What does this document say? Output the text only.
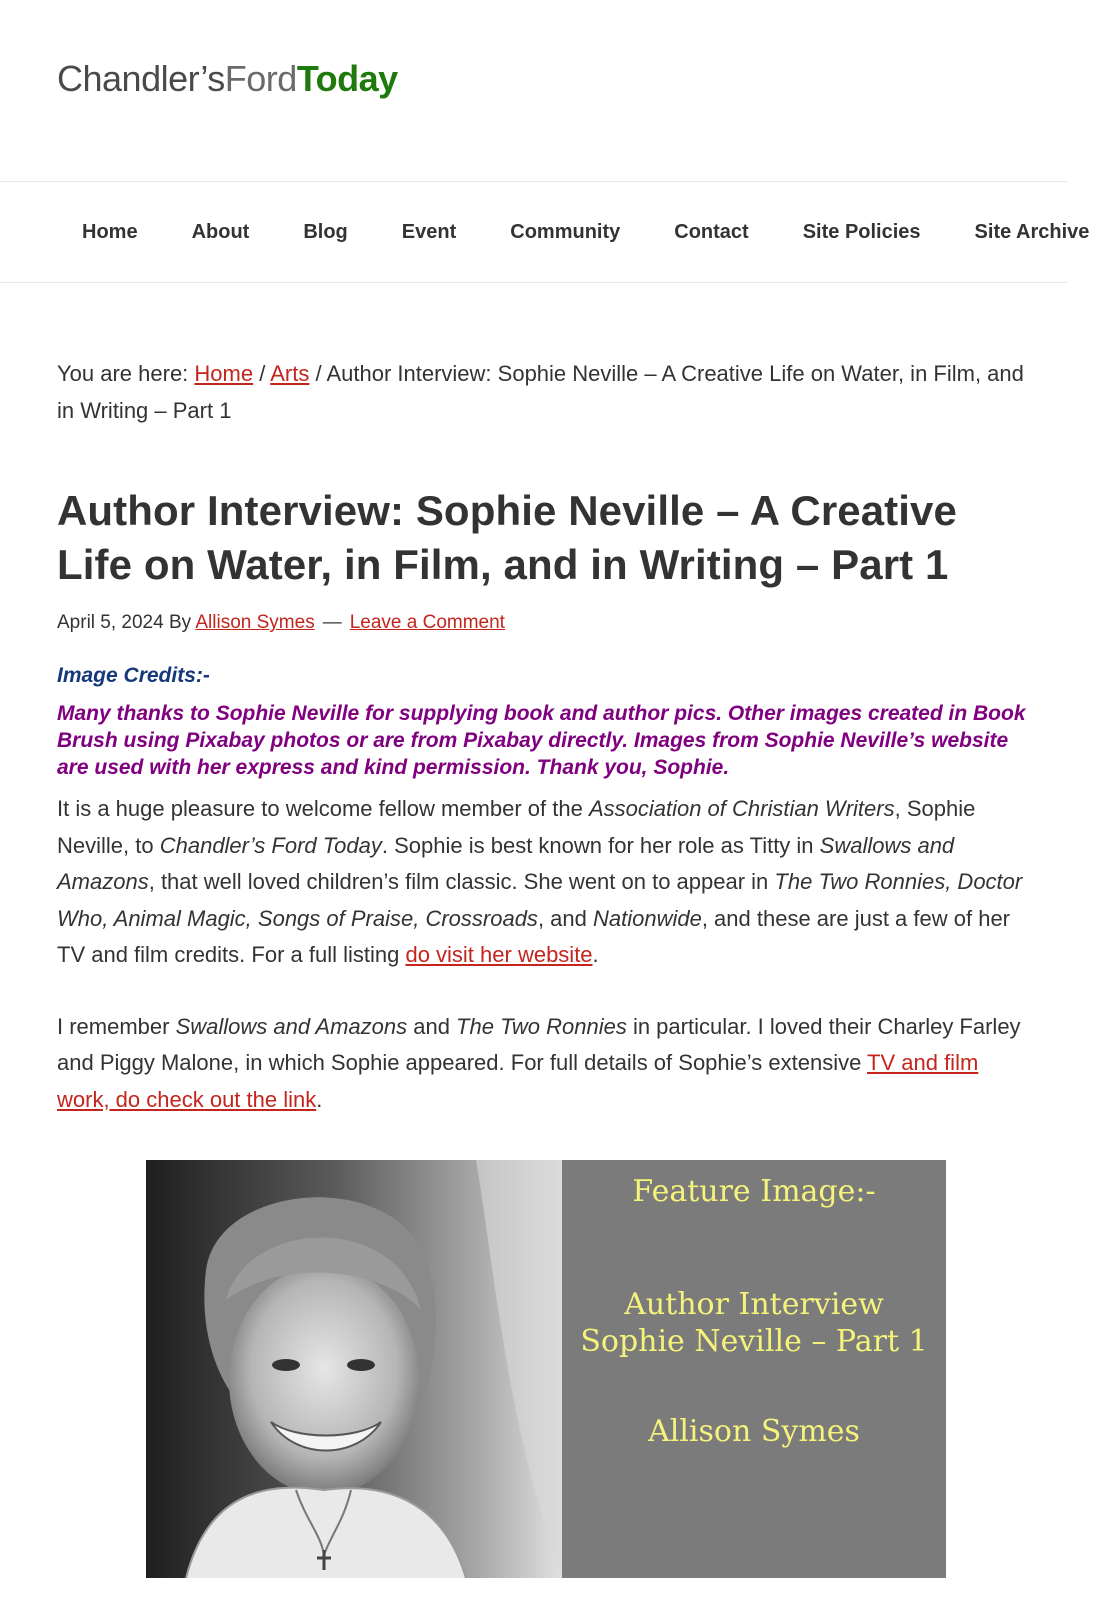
Chandler’sFordToday
Home	About	Blog	Event	Community	Contact	Site Policies	Site Archive

You are here: Home / Arts / Author Interview: Sophie Neville – A Creative Life on Water, in Film, and in Writing – Part 1

Author Interview: Sophie Neville – A Creative Life on Water, in Film, and in Writing – Part 1

April 5, 2024 By Allison Symes — Leave a Comment

Image Credits:-

Many thanks to Sophie Neville for supplying book and author pics. Other images created in Book Brush using Pixabay photos or are from Pixabay directly. Images from Sophie Neville’s website are used with her express and kind permission. Thank you, Sophie.

It is a huge pleasure to welcome fellow member of the Association of Christian Writers, Sophie Neville, to Chandler’s Ford Today. Sophie is best known for her role as Titty in Swallows and Amazons, that well loved children’s film classic. She went on to appear in The Two Ronnies, Doctor Who, Animal Magic, Songs of Praise, Crossroads, and Nationwide, and these are just a few of her TV and film credits. For a full listing do visit her website.

I remember Swallows and Amazons and The Two Ronnies in particular. I loved their Charley Farley and Piggy Malone, in which Sophie appeared. For full details of Sophie’s extensive TV and film work, do check out the link.

Feature Image:-
Author Interview
Sophie Neville – Part 1
Allison Symes
